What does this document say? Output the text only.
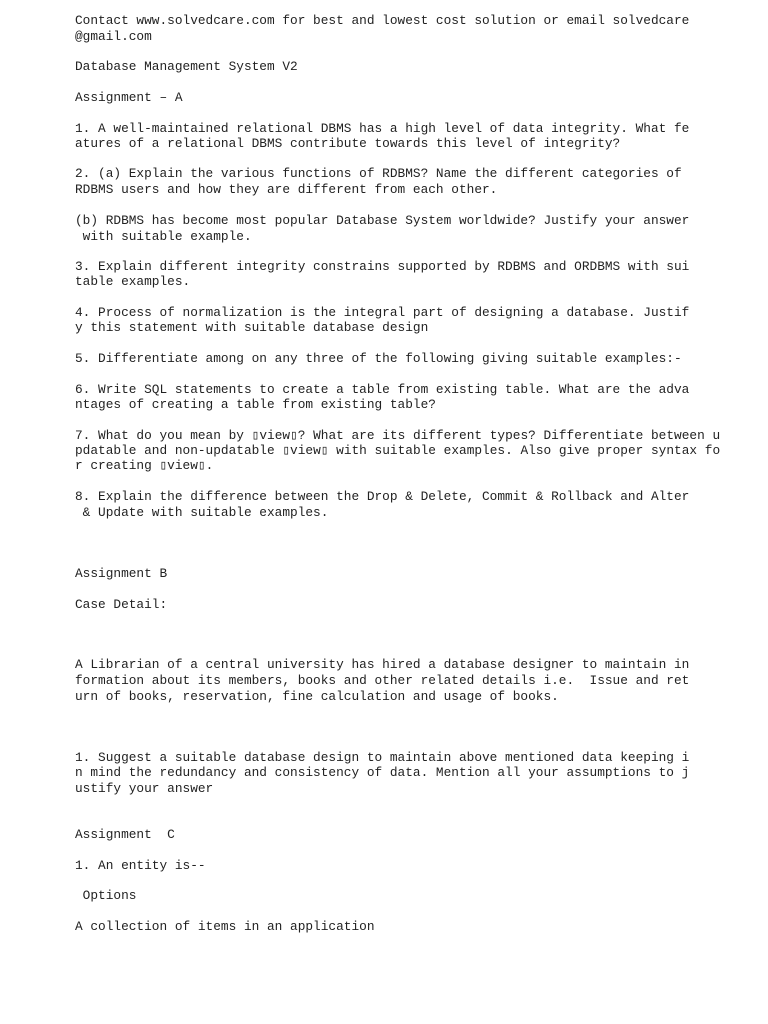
Contact www.solvedcare.com for best and lowest cost solution or email solvedcare

@gmail.com

Database Management System V2

Assignment – A

1. A well-maintained relational DBMS has a high level of data integrity. What fe

atures of a relational DBMS contribute towards this level of integrity?

2. (a) Explain the various functions of RDBMS? Name the different categories of

RDBMS users and how they are different from each other.

(b) RDBMS has become most popular Database System worldwide? Justify your answer

with suitable example.

3. Explain different integrity constrains supported by RDBMS and ORDBMS with sui

table examples.

4. Process of normalization is the integral part of designing a database. Justif

y this statement with suitable database design

5. Differentiate among on any three of the following giving suitable examples:-

6. Write SQL statements to create a table from existing table. What are the adva

ntages of creating a table from existing table?

7. What do you mean by ▯view▯? What are its different types? Differentiate between u

pdatable and non-updatable ▯view▯ with suitable examples. Also give proper syntax fo

r creating ▯view▯.

8. Explain the difference between the Drop & Delete, Commit & Rollback and Alter

& Update with suitable examples.

Assignment B

Case Detail:

A Librarian of a central university has hired a database designer to maintain in

formation about its members, books and other related details i.e.  Issue and ret

urn of books, reservation, fine calculation and usage of books.

1. Suggest a suitable database design to maintain above mentioned data keeping i

n mind the redundancy and consistency of data. Mention all your assumptions to j

ustify your answer

Assignment  C

1. An entity is--

Options

A collection of items in an application
